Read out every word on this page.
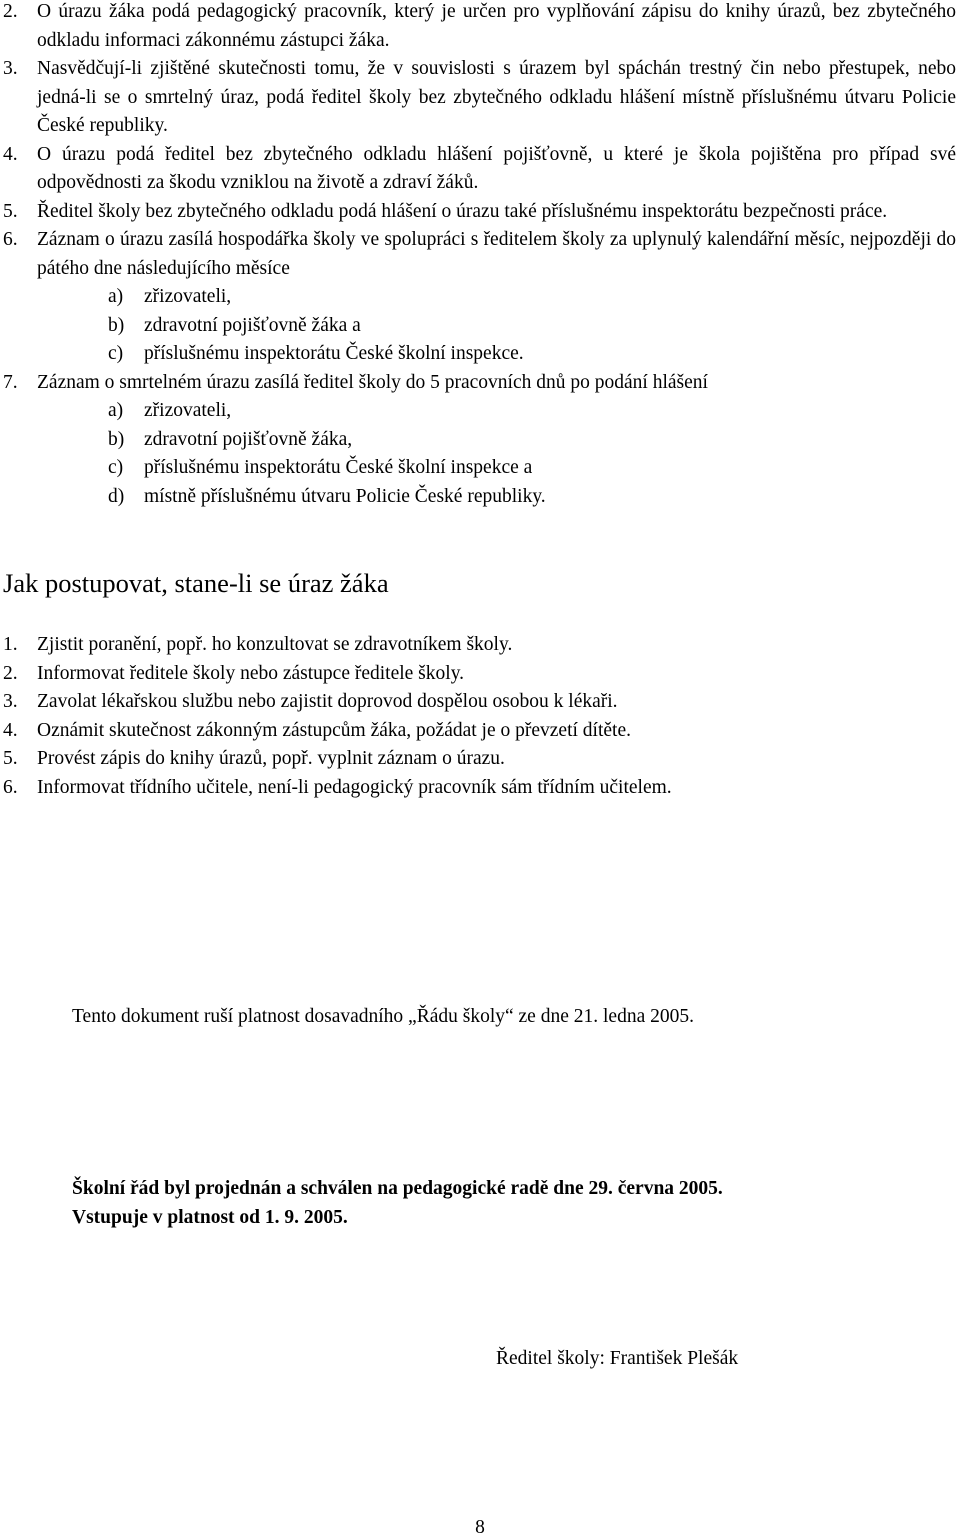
2. O úrazu žáka podá pedagogický pracovník, který je určen pro vyplňování zápisu do knihy úrazů, bez zbytečného odkladu informaci zákonnému zástupci žáka.

3. Nasvědčují-li zjištěné skutečnosti tomu, že v souvislosti s úrazem byl spáchán trestný čin nebo přestupek, nebo jedná-li se o smrtelný úraz, podá ředitel školy bez zbytečného odkladu hlášení místně příslušnému útvaru Policie České republiky.

4. O úrazu podá ředitel bez zbytečného odkladu hlášení pojišťovně, u které je škola pojištěna pro případ své odpovědnosti za škodu vzniklou na životě a zdraví žáků.

5. Ředitel školy bez zbytečného odkladu podá hlášení o úrazu také příslušnému inspektorátu bezpečnosti práce.

6. Záznam o úrazu zasílá hospodářka školy ve spolupráci s ředitelem školy za uplynulý kalendářní měsíc, nejpozději do pátého dne následujícího měsíce

a) zřizovateli,
b) zdravotní pojišťovně žáka a
c) příslušnému inspektorátu České školní inspekce.
7. Záznam o smrtelném úrazu zasílá ředitel školy do 5 pracovních dnů po podání hlášení

a) zřizovateli,
b) zdravotní pojišťovně žáka,
c) příslušnému inspektorátu České školní inspekce a
d) místně příslušnému útvaru Policie České republiky.
Jak postupovat, stane-li se úraz žáka
1. Zjistit poranění, popř. ho konzultovat se zdravotníkem školy.

2. Informovat ředitele školy nebo zástupce ředitele školy.

3. Zavolat lékařskou službu nebo zajistit doprovod dospělou osobou k lékaři.

4. Oznámit skutečnost zákonným zástupcům žáka, požádat je o převzetí dítěte.

5. Provést zápis do knihy úrazů, popř. vyplnit záznam o úrazu.

6. Informovat třídního učitele, není-li pedagogický pracovník sám třídním učitelem.

Tento dokument ruší platnost dosavadního „Řádu školy“ ze dne 21. ledna 2005.
Školní řád byl projednán a schválen na pedagogické radě dne 29. června 2005.
Vstupuje v platnost od 1. 9. 2005.
Ředitel školy: František Plešák
8
